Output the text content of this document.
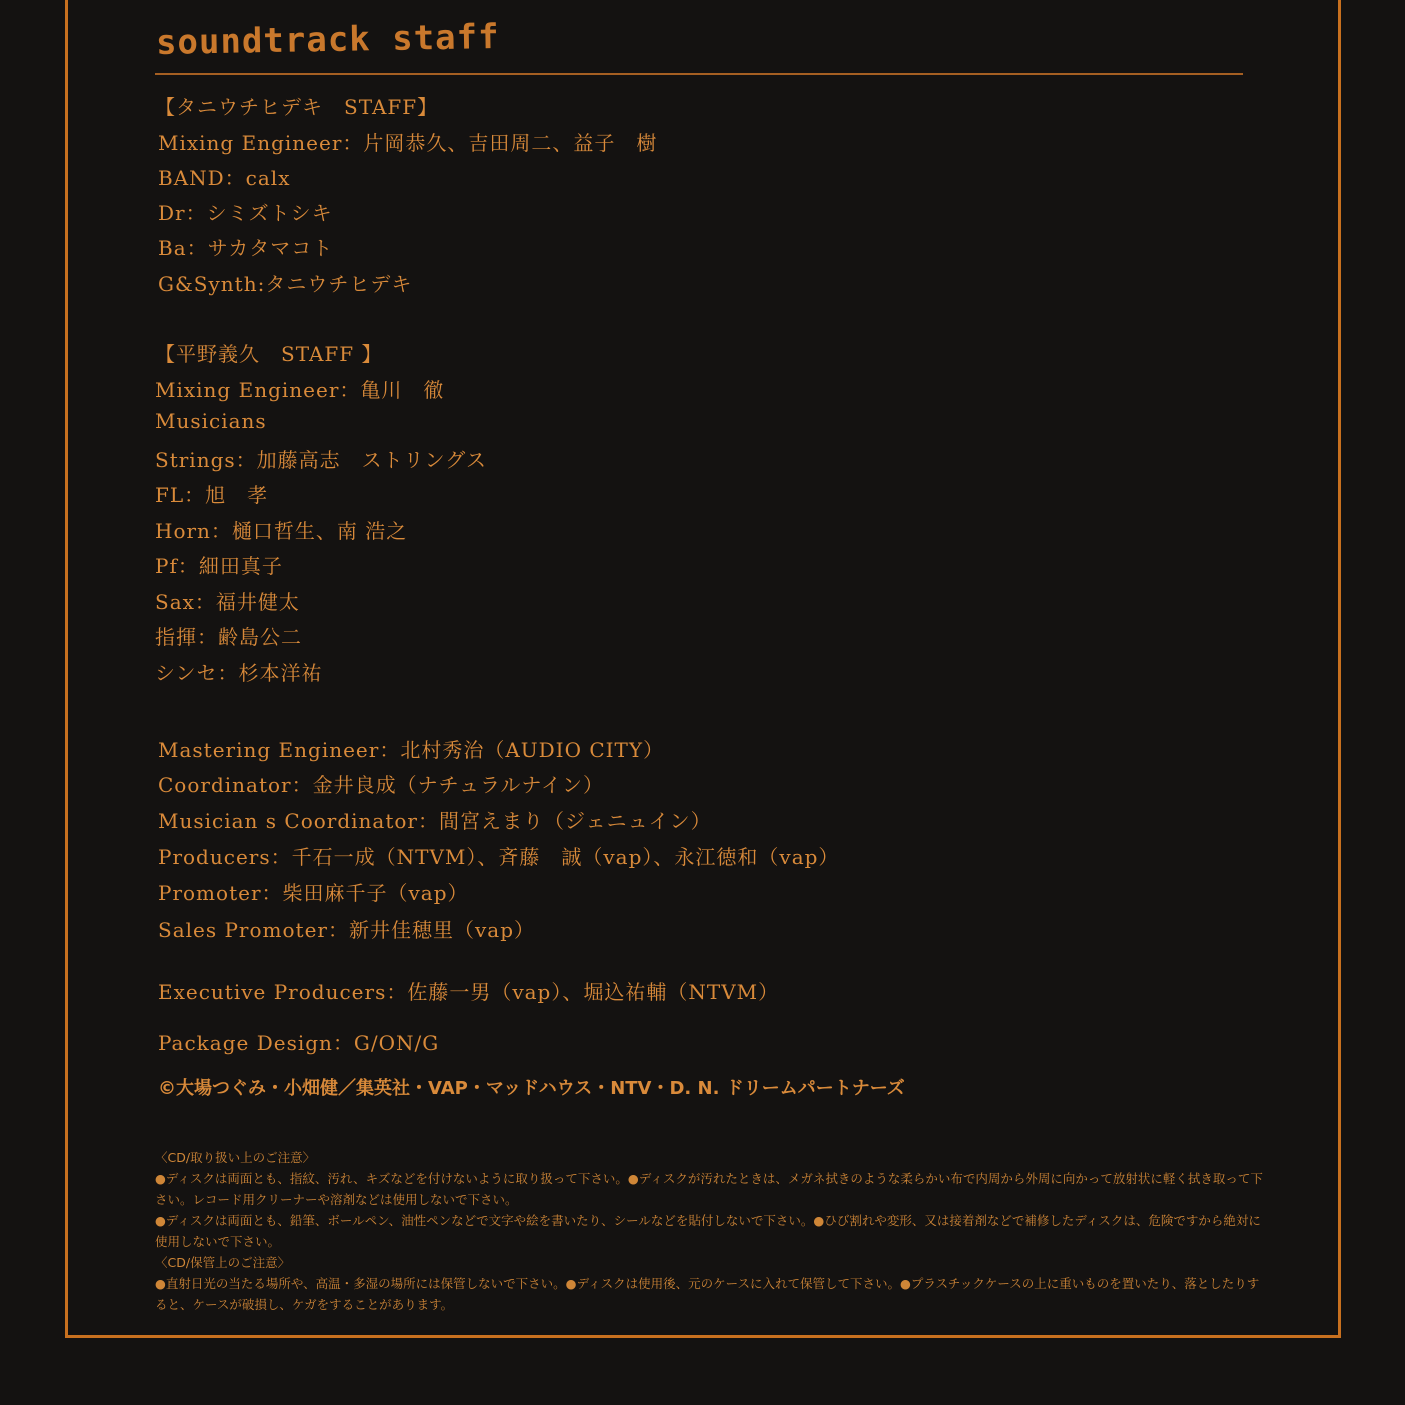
soundtrack staff
【タニウチヒデキ　STAFF】
Mixing Engineer：片岡恭久、吉田周二、益子　樹
BAND：calx
Dr：シミズトシキ
Ba：サカタマコト
G&Synth:タニウチヒデキ
【平野義久　STAFF 】
Mixing Engineer：亀川　徹
Musicians
Strings：加藤高志　ストリングス
FL：旭　孝
Horn：樋口哲生、南 浩之
Pf：細田真子
Sax：福井健太
指揮：齢島公二
シンセ：杉本洋祐
Mastering Engineer：北村秀治（AUDIO CITY）
Coordinator：金井良成（ナチュラルナイン）
Musician s Coordinator：間宮えまり（ジェニュイン）
Producers：千石一成（NTVM）、斉藤　誠（vap）、永江徳和（vap）
Promoter：柴田麻千子（vap）
Sales Promoter：新井佳穂里（vap）
Executive Producers：佐藤一男（vap）、堀込祐輔（NTVM）
Package Design：G/ON/G
©大場つぐみ・小畑健／集英社・VAP・マッドハウス・NTV・D. N. ドリームパートナーズ

〈CD/取り扱い上のご注意〉

●ディスクは両面とも、指紋、汚れ、キズなどを付けないように取り扱って下さい。●ディスクが汚れたときは、メガネ拭きのような柔らかい布で内周から外周に向かって放射状に軽く拭き取って下さい。レコード用クリーナーや溶剤などは使用しないで下さい。

●ディスクは両面とも、鉛筆、ボールペン、油性ペンなどで文字や絵を書いたり、シールなどを貼付しないで下さい。●ひび割れや変形、又は接着剤などで補修したディスクは、危険ですから絶対に使用しないで下さい。

〈CD/保管上のご注意〉

●直射日光の当たる場所や、高温・多湿の場所には保管しないで下さい。●ディスクは使用後、元のケースに入れて保管して下さい。●プラスチックケースの上に重いものを置いたり、落としたりすると、ケースが破損し、ケガをすることがあります。
